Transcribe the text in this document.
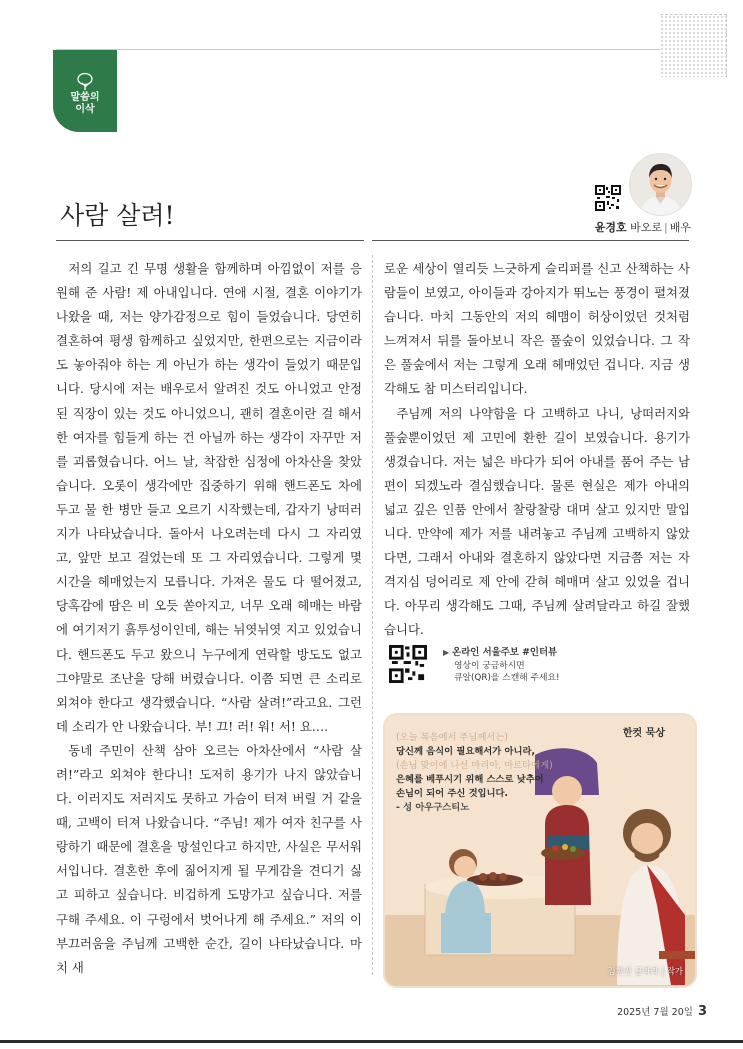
말씀의
이삭
사람 살려!	윤경호 바오로 | 배우

저의 길고 긴 무명 생활을 함께하며 아낌없이 저를 응원해 준 사람! 제 아내입니다. 연애 시절, 결혼 이야기가 나왔을 때, 저는 양가감정으로 힘이 들었습니다. 당연히 결혼하여 평생 함께하고 싶었지만, 한편으로는 지금이라도 놓아줘야 하는 게 아닌가 하는 생각이 들었기 때문입니다. 당시에 저는 배우로서 알려진 것도 아니었고 안정된 직장이 있는 것도 아니었으니, 괜히 결혼이란 걸 해서 한 여자를 힘들게 하는 건 아닐까 하는 생각이 자꾸만 저를 괴롭혔습니다. 어느 날, 착잡한 심정에 아차산을 찾았습니다. 오롯이 생각에만 집중하기 위해 핸드폰도 차에 두고 물 한 병만 들고 오르기 시작했는데, 갑자기 낭떠러지가 나타났습니다. 돌아서 나오려는데 다시 그 자리였고, 앞만 보고 걸었는데 또 그 자리였습니다. 그렇게 몇 시간을 헤매었는지 모릅니다. 가져온 물도 다 떨어졌고, 당혹감에 땀은 비 오듯 쏟아지고, 너무 오래 헤매는 바람에 여기저기 흙투성이인데, 해는 뉘엿뉘엿 지고 있었습니다. 핸드폰도 두고 왔으니 누구에게 연락할 방도도 없고 그야말로 조난을 당해 버렸습니다. 이쯤 되면 큰 소리로 외쳐야 한다고 생각했습니다. “사람 살려!”라고요. 그런데 소리가 안 나왔습니다. 부! 끄! 러! 워! 서! 요….

동네 주민이 산책 삼아 오르는 아차산에서 “사람 살려!”라고 외쳐야 한다니! 도저히 용기가 나지 않았습니다. 이러지도 저러지도 못하고 가슴이 터져 버릴 거 같을 때, 고백이 터져 나왔습니다. “주님! 제가 여자 친구를 사랑하기 때문에 결혼을 망설인다고 하지만, 사실은 무서워서입니다. 결혼한 후에 짊어지게 될 무게감을 견디기 싫고 피하고 싶습니다. 비겁하게 도망가고 싶습니다. 저를 구해 주세요. 이 구렁에서 벗어나게 해 주세요.” 저의 이 부끄러움을 주님께 고백한 순간, 길이 나타났습니다. 마치 새

로운 세상이 열리듯 느긋하게 슬리퍼를 신고 산책하는 사람들이 보였고, 아이들과 강아지가 뛰노는 풍경이 펼쳐졌습니다. 마치 그동안의 저의 헤맴이 허상이었던 것처럼 느껴져서 뒤를 돌아보니 작은 풀숲이 있었습니다. 그 작은 풀숲에서 저는 그렇게 오래 헤매었던 겁니다. 지금 생각해도 참 미스터리입니다.

주님께 저의 나약함을 다 고백하고 나니, 낭떠러지와 풀숲뿐이었던 제 고민에 환한 길이 보였습니다. 용기가 생겼습니다. 저는 넓은 바다가 되어 아내를 품어 주는 남편이 되겠노라 결심했습니다. 물론 현실은 제가 아내의 넓고 깊은 인품 안에서 찰랑찰랑 대며 살고 있지만 말입니다. 만약에 제가 저를 내려놓고 주님께 고백하지 않았다면, 그래서 아내와 결혼하지 않았다면 지금쯤 저는 자격지심 덩어리로 제 안에 갇혀 헤매며 살고 있었을 겁니다. 아무리 생각해도 그때, 주님께 살려달라고 하길 잘했습니다.

▶ 온라인 서울주보 #인터뷰
영상이 궁금하시면
큐알(QR)을 스캔해 주세요!
한컷 묵상
(오늘 복음에서 주님께서는)
당신께 음식이 필요해서가 아니라,
(손님 맞이에 나선 마리아, 마르타에게)
은혜를 베푸시기 위해 스스로 낮추어
손님이 되어 주신 것입니다.
- 성 아우구스티노
김현진 글라라 | 작가
2025년 7월 20일 3
